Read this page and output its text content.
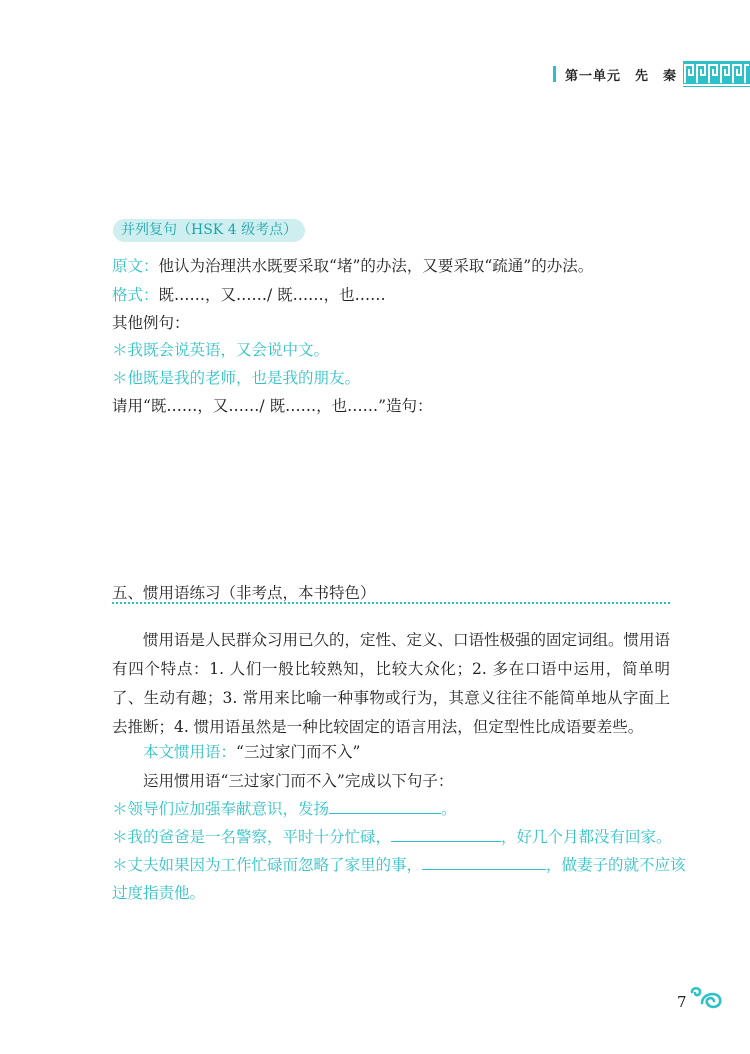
第一单元　先　秦
并列复句（HSK 4 级考点）
原文：他认为治理洪水既要采取“堵”的办法，又要采取“疏通”的办法。
格式：既……，又……/ 既……，也……
其他例句：
＊我既会说英语，又会说中文。
＊他既是我的老师，也是我的朋友。
请用“既……，又……/ 既……，也……”造句：
五、惯用语练习（非考点，本书特色）
惯用语是人民群众习用已久的，定性、定义、口语性极强的固定词组。惯用语有四个特点：1. 人们一般比较熟知，比较大众化；2. 多在口语中运用，简单明了、生动有趣；3. 常用来比喻一种事物或行为，其意义往往不能简单地从字面上去推断；4. 惯用语虽然是一种比较固定的语言用法，但定型性比成语要差些。
本文惯用语：“三过家门而不入”
运用惯用语“三过家门而不入”完成以下句子：
＊领导们应加强奉献意识，发扬	。
＊我的爸爸是一名警察，平时十分忙碌，	，好几个月都没有回家。
＊丈夫如果因为工作忙碌而忽略了家里的事，	，做妻子的就不应该
过度指责他。
7
